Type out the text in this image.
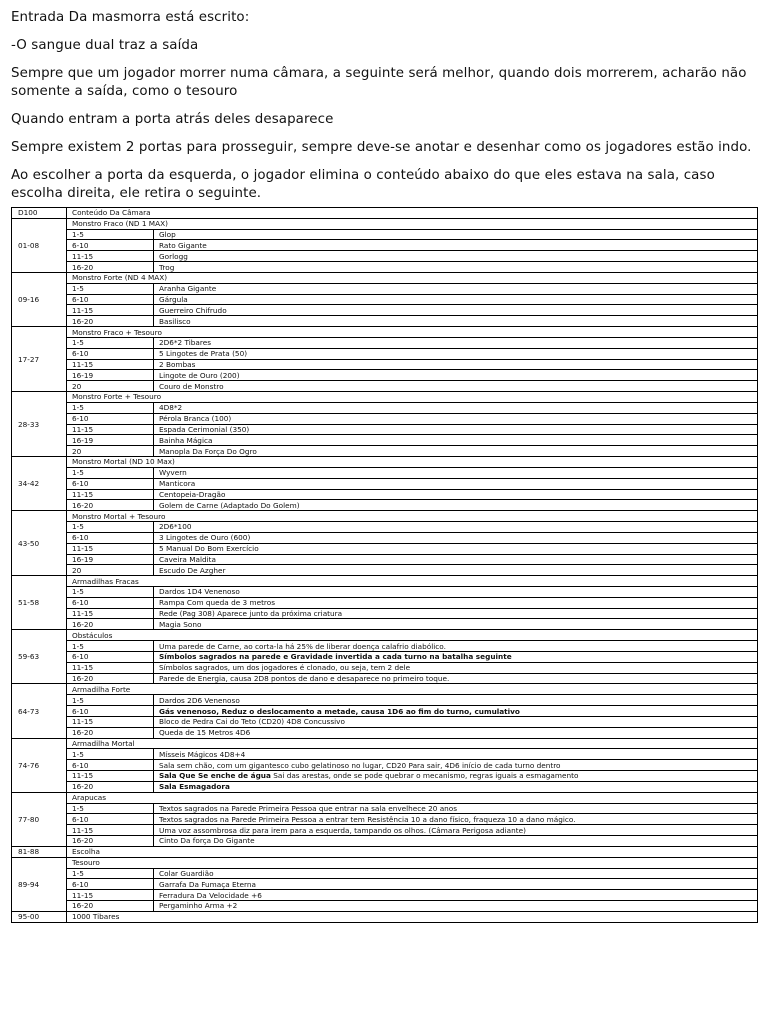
Entrada Da masmorra está escrito:

-O sangue dual traz a saída

Sempre que um jogador morrer numa câmara, a seguinte será melhor, quando dois morrerem, acharão não somente a saída, como o tesouro

Quando entram a porta atrás deles desaparece

Sempre existem 2 portas para prosseguir, sempre deve-se anotar e desenhar como os jogadores estão indo.

Ao escolher a porta da esquerda, o jogador elimina o conteúdo abaixo do que eles estava na sala, caso escolha direita, ele retira o seguinte.

D100	Conteúdo Da Câmara	
01-08	Monstro Fraco (ND 1 MAX)	
	1-5	Glop
	6-10	Rato Gigante
	11-15	Gorlogg
	16-20	Trog
09-16	Monstro Forte (ND 4 MAX)	
	1-5	Aranha Gigante
	6-10	Gárgula
	11-15	Guerreiro Chifrudo
	16-20	Basilisco
17-27	Monstro Fraco + Tesouro	
	1-5	2D6*2 Tibares
	6-10	5 Lingotes de Prata (50)
	11-15	2 Bombas
	16-19	Lingote de Ouro (200)
	20	Couro de Monstro
28-33	Monstro Forte + Tesouro	
	1-5	4D8*2
	6-10	Pérola Branca (100)
	11-15	Espada Cerimonial (350)
	16-19	Bainha Mágica
	20	Manopla Da Força Do Ogro
34-42	Monstro Mortal (ND 10 Max)	
	1-5	Wyvern
	6-10	Manticora
	11-15	Centopeia-Dragão
	16-20	Golem de Carne (Adaptado Do Golem)
43-50	Monstro Mortal + Tesouro	
	1-5	2D6*100
	6-10	3 Lingotes de Ouro (600)
	11-15	5 Manual Do Bom Exercício
	16-19	Caveira Maldita
	20	Escudo De Azgher
51-58	Armadilhas Fracas	
	1-5	Dardos 1D4 Venenoso
	6-10	Rampa Com queda de 3 metros
	11-15	Rede (Pag 308) Aparece junto da próxima criatura
	16-20	Magia Sono
59-63	Obstáculos	
	1-5	Uma parede de Carne, ao corta-la há 25% de liberar doença calafrio diabólico.
	6-10	Símbolos sagrados na parede e Gravidade invertida a cada turno na batalha seguinte
	11-15	Símbolos sagrados, um dos jogadores é clonado, ou seja, tem 2 dele
	16-20	Parede de Energia, causa 2D8 pontos de dano e desaparece no primeiro toque.
64-73	Armadilha Forte	
	1-5	Dardos 2D6 Venenoso
	6-10	Gás venenoso, Reduz o deslocamento a metade, causa 1D6 ao fim do turno, cumulativo
	11-15	Bloco de Pedra Cai do Teto (CD20) 4D8 Concussivo
	16-20	Queda de 15 Metros 4D6
74-76	Armadilha Mortal	
	1-5	Mísseis Mágicos 4D8+4
	6-10	Sala sem chão, com um gigantesco cubo gelatinoso no lugar, CD20 Para sair, 4D6 início de cada turno dentro
	11-15	Sala Que Se enche de água Sai das arestas, onde se pode quebrar o mecanismo, regras iguais a esmagamento
	16-20	Sala Esmagadora
77-80	Arapucas	
	1-5	Textos sagrados na Parede Primeira Pessoa que entrar na sala envelhece 20 anos
	6-10	Textos sagrados na Parede Primeira Pessoa a entrar tem Resistência 10 a dano físico, fraqueza 10 a dano mágico.
	11-15	Uma voz assombrosa diz para irem para a esquerda, tampando os olhos. (Câmara Perigosa adiante)
	16-20	Cinto Da força Do Gigante
81-88	Escolha	
89-94	Tesouro	
	1-5	Colar Guardião
	6-10	Garrafa Da Fumaça Eterna
	11-15	Ferradura Da Velocidade +6
	16-20	Pergaminho Arma +2
95-00	1000 Tibares	
